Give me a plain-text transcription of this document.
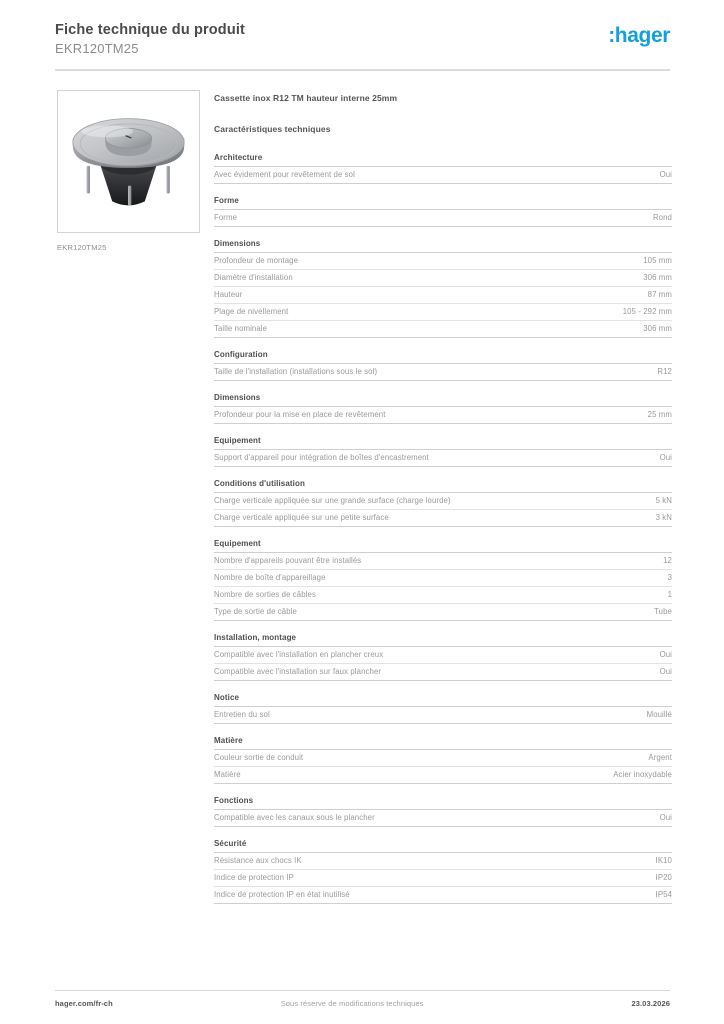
Fiche technique du produit
EKR120TM25
​:hager
EKR120TM25
Cassette inox R12 TM hauteur interne 25mm
Caractéristiques techniques
Architecture
Avec évidement pour revêtement de sol	Oui
Forme
Forme	Rond
Dimensions
Profondeur de montage	105 mm
Diamètre d'installation	306 mm
Hauteur	87 mm
Plage de nivellement	105 - 292 mm
Taille nominale	306 mm
Configuration
Taille de l'installation (installations sous le sol)	R12
Dimensions
Profondeur pour la mise en place de revêtement	25 mm
Equipement
Support d'appareil pour intégration de boîtes d'encastrement	Oui
Conditions d'utilisation
Charge verticale appliquée sur une grande surface (charge lourde)	5 kN
Charge verticale appliquée sur une petite surface	3 kN
Equipement
Nombre d'appareils pouvant être installés	12
Nombre de boîte d'appareillage	3
Nombre de sorties de câbles	1
Type de sortie de câble	Tube
Installation, montage
Compatible avec l'installation en plancher creux	Oui
Compatible avec l'installation sur faux plancher	Oui
Notice
Entretien du sol	Mouillé
Matière
Couleur sortie de conduit	Argent
Matière	Acier inoxydable
Fonctions
Compatible avec les canaux sous le plancher	Oui
Sécurité
Résistance aux chocs IK	IK10
Indice de protection IP	IP20
Indice de protection IP en état inutilisé	IP54
hager.com/fr-ch	Sous réserve de modifications techniques	23.03.2026
